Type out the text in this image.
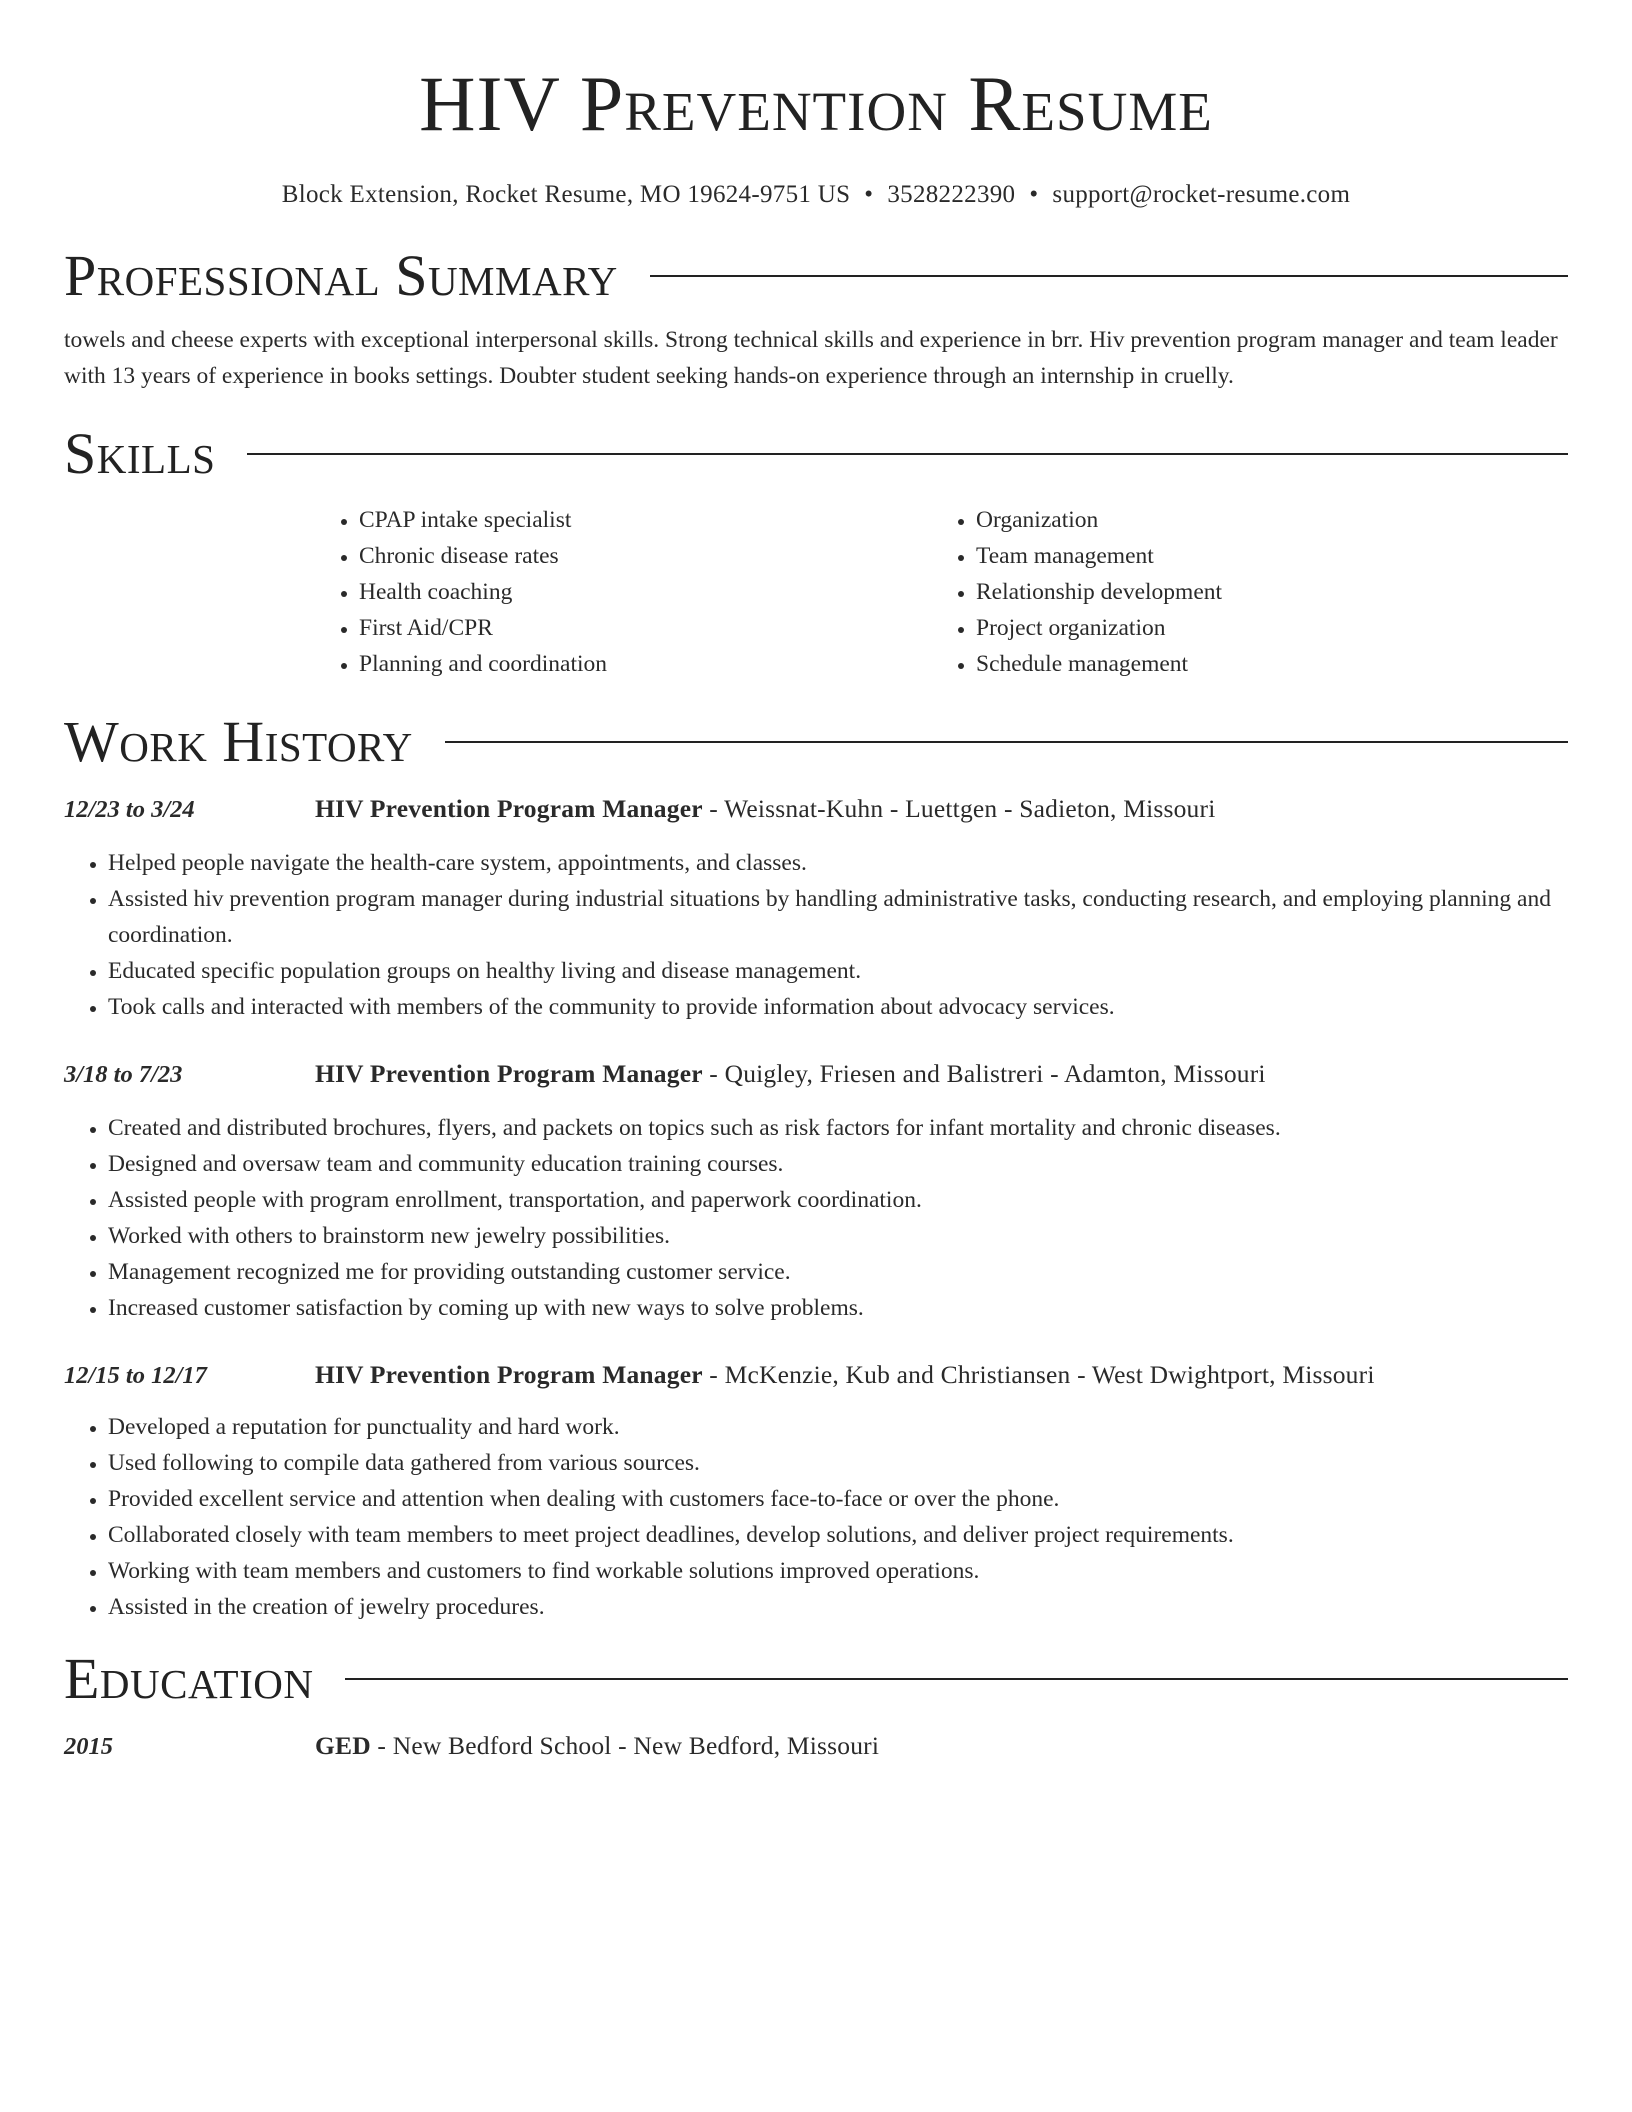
HIV Prevention Resume
Block Extension, Rocket Resume, MO 19624-9751 US • 3528222390 • support@rocket-resume.com
Professional Summary

towels and cheese experts with exceptional interpersonal skills. Strong technical skills and experience in brr. Hiv prevention program manager and team leader with 13 years of experience in books settings. Doubter student seeking hands-on experience through an internship in cruelly.

Skills
• CPAP intake specialist
• Chronic disease rates
• Health coaching
• First Aid/CPR
• Planning and coordination
• Organization
• Team management
• Relationship development
• Project organization
• Schedule management
Work History
12/23 to 3/24	HIV Prevention Program Manager - Weissnat-Kuhn - Luettgen - Sadieton, Missouri
• Helped people navigate the health-care system, appointments, and classes.
• Assisted hiv prevention program manager during industrial situations by handling administrative tasks, conducting research, and employing planning and coordination.
• Educated specific population groups on healthy living and disease management.
• Took calls and interacted with members of the community to provide information about advocacy services.
3/18 to 7/23	HIV Prevention Program Manager - Quigley, Friesen and Balistreri - Adamton, Missouri
• Created and distributed brochures, flyers, and packets on topics such as risk factors for infant mortality and chronic diseases.
• Designed and oversaw team and community education training courses.
• Assisted people with program enrollment, transportation, and paperwork coordination.
• Worked with others to brainstorm new jewelry possibilities.
• Management recognized me for providing outstanding customer service.
• Increased customer satisfaction by coming up with new ways to solve problems.
12/15 to 12/17	HIV Prevention Program Manager - McKenzie, Kub and Christiansen - West Dwightport, Missouri
• Developed a reputation for punctuality and hard work.
• Used following to compile data gathered from various sources.
• Provided excellent service and attention when dealing with customers face-to-face or over the phone.
• Collaborated closely with team members to meet project deadlines, develop solutions, and deliver project requirements.
• Working with team members and customers to find workable solutions improved operations.
• Assisted in the creation of jewelry procedures.
Education
2015	GED - New Bedford School - New Bedford, Missouri
